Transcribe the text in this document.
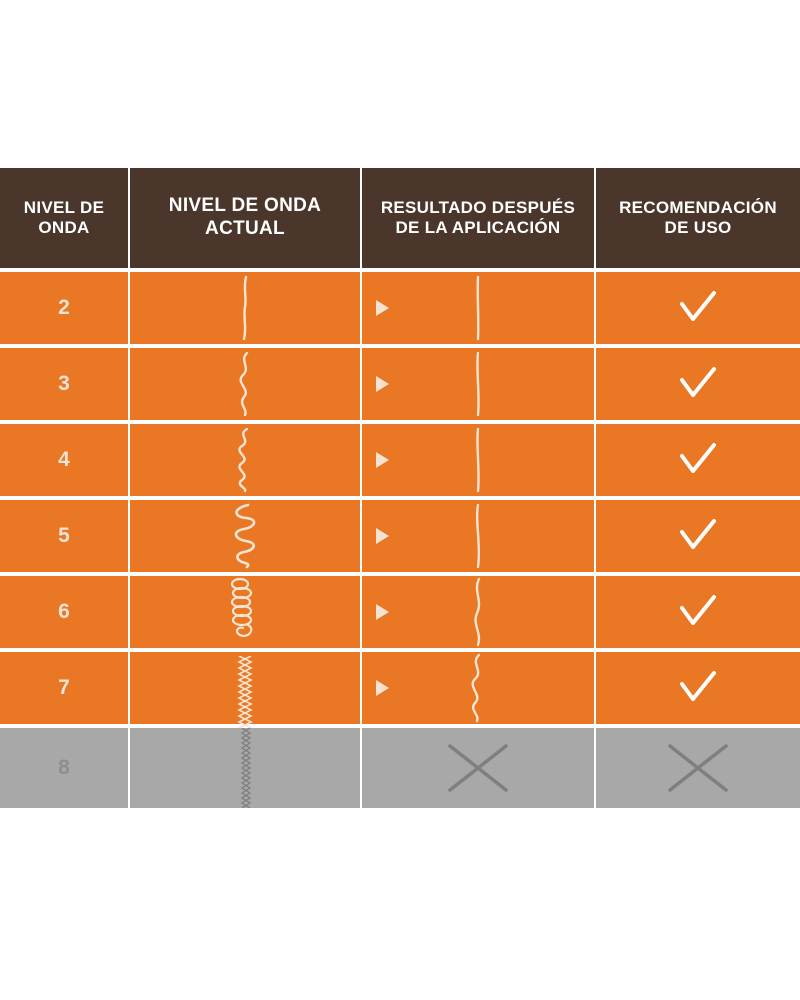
NIVEL DE
ONDA
NIVEL DE ONDA
ACTUAL
RESULTADO DESPUÉS
DE LA APLICACIÓN
RECOMENDACIÓN
DE USO
2
3
4
5
6
7
8
